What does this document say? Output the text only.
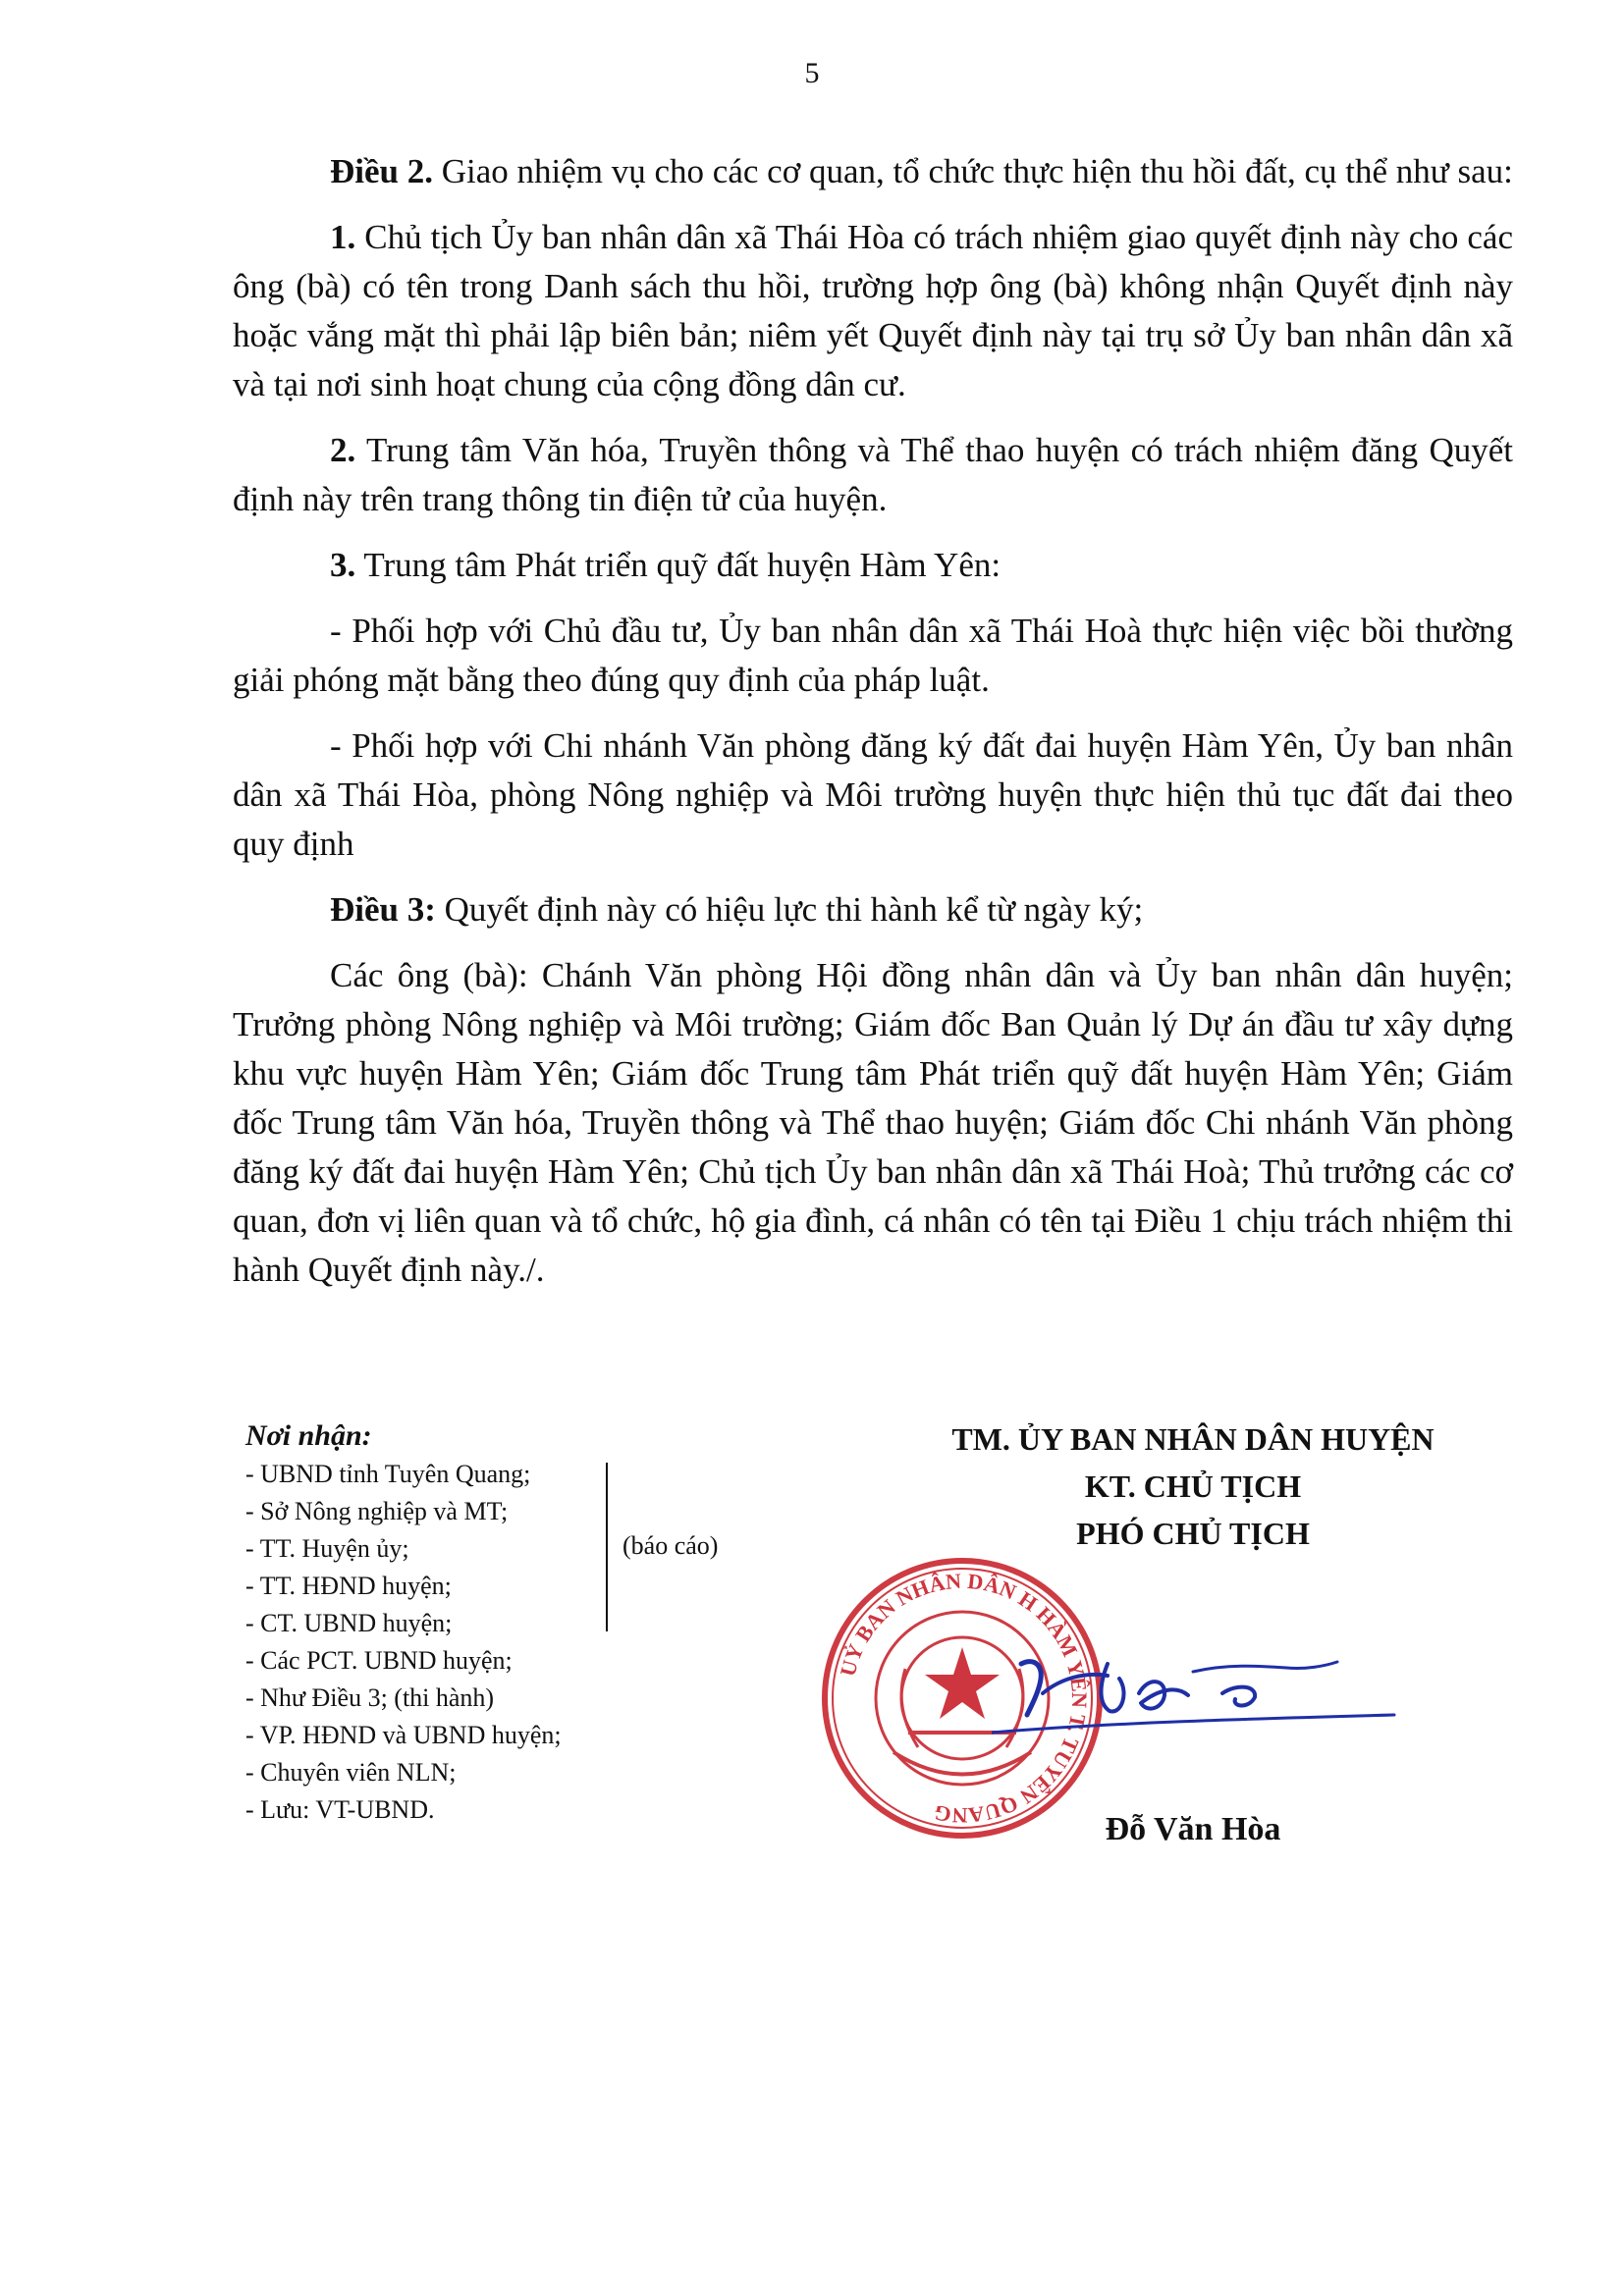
5

Điều 2. Giao nhiệm vụ cho các cơ quan, tổ chức thực hiện thu hồi đất, cụ thể như sau:

1. Chủ tịch Ủy ban nhân dân xã Thái Hòa có trách nhiệm giao quyết định này cho các ông (bà) có tên trong Danh sách thu hồi, trường hợp ông (bà) không nhận Quyết định này hoặc vắng mặt thì phải lập biên bản; niêm yết Quyết định này tại trụ sở Ủy ban nhân dân xã và tại nơi sinh hoạt chung của cộng đồng dân cư.

2. Trung tâm Văn hóa, Truyền thông và Thể thao huyện có trách nhiệm đăng Quyết định này trên trang thông tin điện tử của huyện.

3. Trung tâm Phát triển quỹ đất huyện Hàm Yên:

- Phối hợp với Chủ đầu tư, Ủy ban nhân dân xã Thái Hoà thực hiện việc bồi thường giải phóng mặt bằng theo đúng quy định của pháp luật.

- Phối hợp với Chi nhánh Văn phòng đăng ký đất đai huyện Hàm Yên, Ủy ban nhân dân xã Thái Hòa, phòng Nông nghiệp và Môi trường huyện thực hiện thủ tục đất đai theo quy định

Điều 3: Quyết định này có hiệu lực thi hành kể từ ngày ký;

Các ông (bà): Chánh Văn phòng Hội đồng nhân dân và Ủy ban nhân dân huyện; Trưởng phòng Nông nghiệp và Môi trường; Giám đốc Ban Quản lý Dự án đầu tư xây dựng khu vực huyện Hàm Yên; Giám đốc Trung tâm Phát triển quỹ đất huyện Hàm Yên; Giám đốc Trung tâm Văn hóa, Truyền thông và Thể thao huyện; Giám đốc Chi nhánh Văn phòng đăng ký đất đai huyện Hàm Yên; Chủ tịch Ủy ban nhân dân xã Thái Hoà; Thủ trưởng các cơ quan, đơn vị liên quan và tổ chức, hộ gia đình, cá nhân có tên tại Điều 1 chịu trách nhiệm thi hành Quyết định này./.

Nơi nhận:
- UBND tỉnh Tuyên Quang;
- Sở Nông nghiệp và MT;
- TT. Huyện ủy;
- TT. HĐND huyện;
- CT. UBND huyện;
- Các PCT. UBND huyện;
- Như Điều 3; (thi hành)
- VP. HĐND và UBND huyện;
- Chuyên viên NLN;
- Lưu: VT-UBND.
(báo cáo)
TM. ỦY BAN NHÂN DÂN HUYỆN
KT. CHỦ TỊCH
PHÓ CHỦ TỊCH
UỶ BAN NHÂN DÂN H HÀM YÊN T. TUYÊN QUANG	Đỗ Văn Hòa
